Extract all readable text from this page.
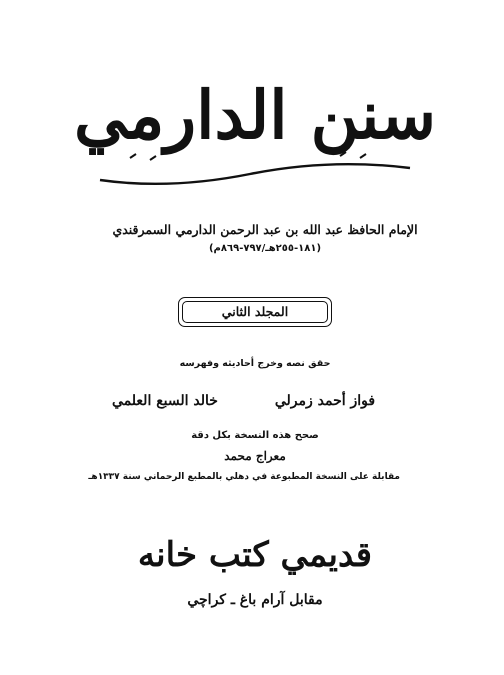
سنن الدارمي
الإمام الحافظ عبد الله بن عبد الرحمن الدارمي السمرقندي
(١٨١-٢٥٥هـ/٧٩٧-٨٦٩م)
المجلد الثاني
حقق نصه وخرج أحاديثه وفهرسه
فواز أحمد زمرلي
خالد السبع العلمي
صحح هذه النسخة بكل دقة
معراج محمد
مقابلة على النسخة المطبوعة في دهلي بالمطبع الرحماني سنة ١٣٣٧هـ
قديمي كتب خانه
مقابل آرام باغ ـ كراچي
